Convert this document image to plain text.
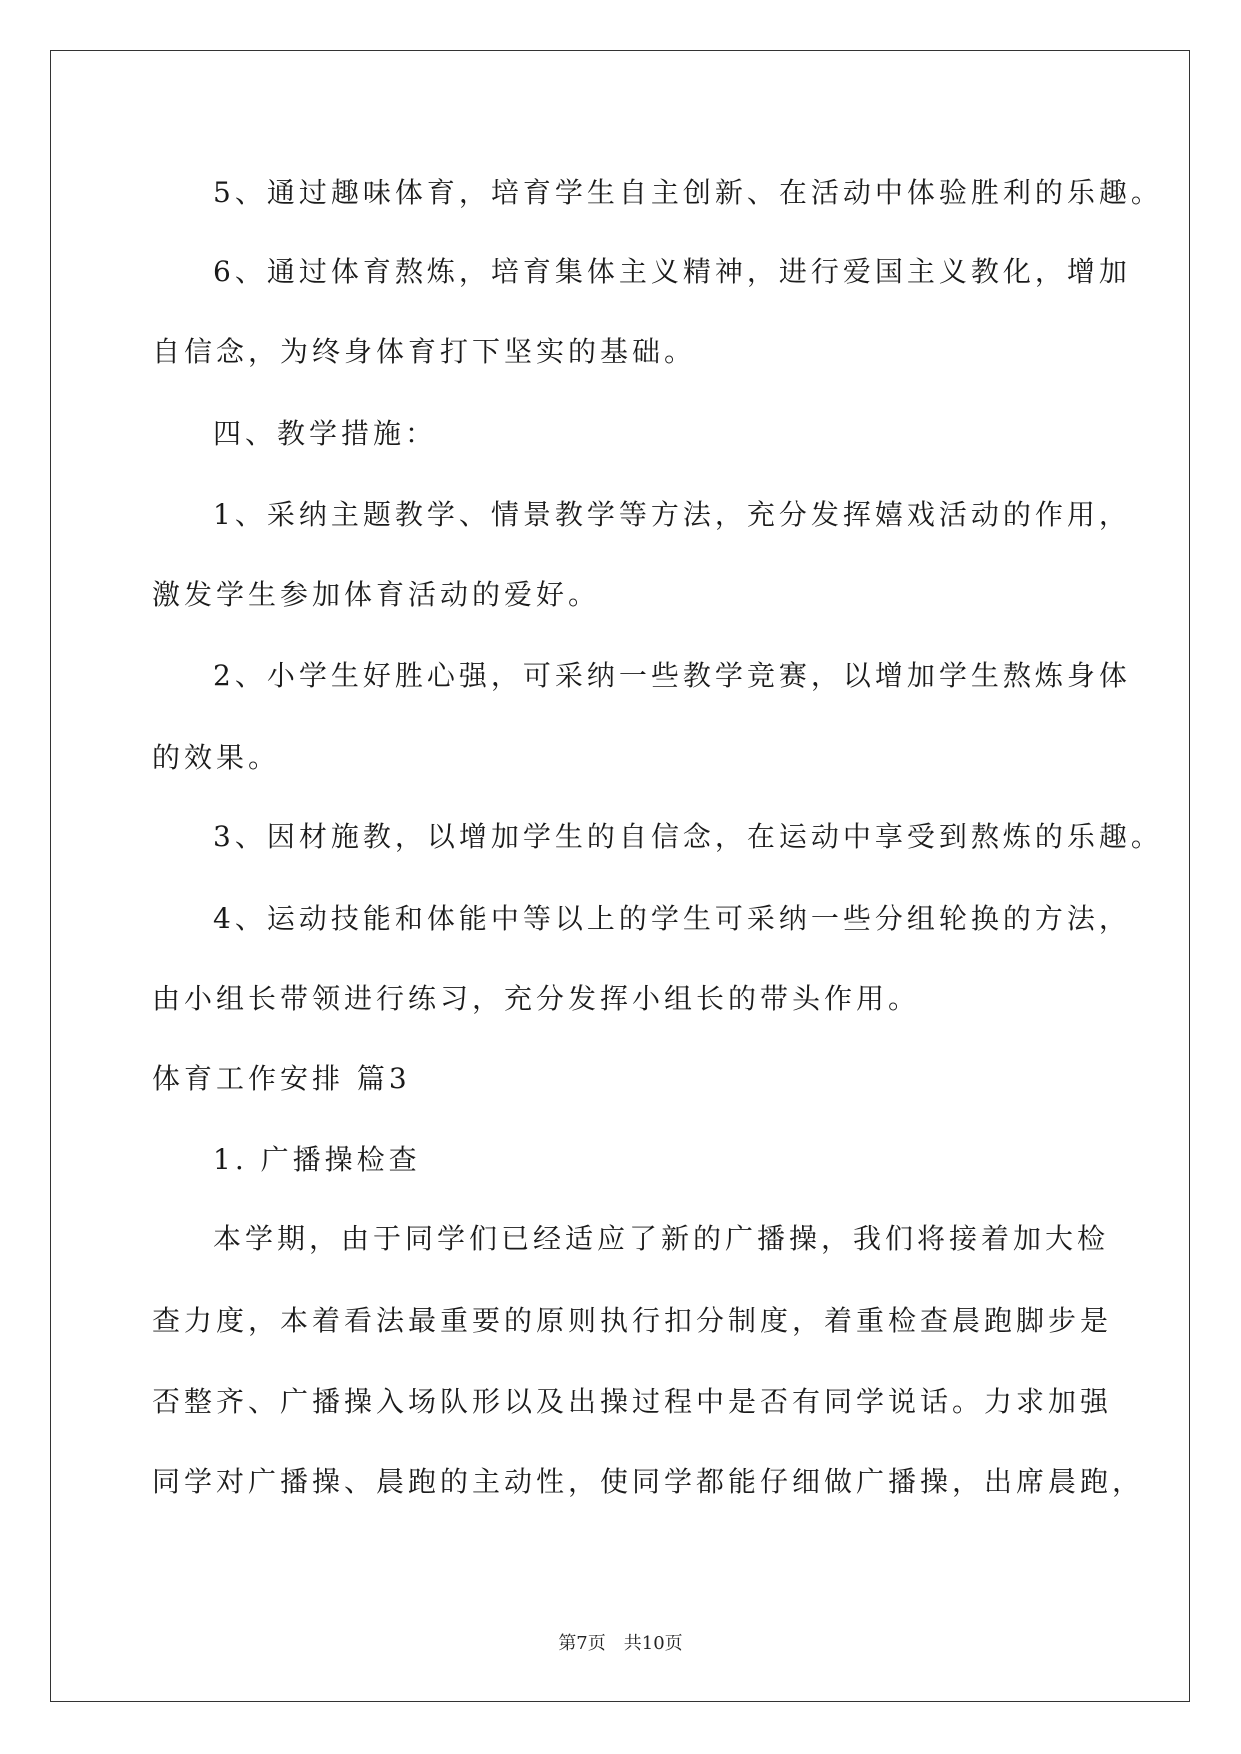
5、通过趣味体育，培育学生自主创新、在活动中体验胜利的乐趣。
6、通过体育熬炼，培育集体主义精神，进行爱国主义教化，增加
自信念，为终身体育打下坚实的基础。
四、教学措施：
1、采纳主题教学、情景教学等方法，充分发挥嬉戏活动的作用，
激发学生参加体育活动的爱好。
2、小学生好胜心强，可采纳一些教学竞赛，以增加学生熬炼身体
的效果。
3、因材施教，以增加学生的自信念，在运动中享受到熬炼的乐趣。
4、运动技能和体能中等以上的学生可采纳一些分组轮换的方法，
由小组长带领进行练习，充分发挥小组长的带头作用。
体育工作安排 篇3
1. 广播操检查
本学期，由于同学们已经适应了新的广播操，我们将接着加大检
查力度，本着看法最重要的原则执行扣分制度，着重检查晨跑脚步是
否整齐、广播操入场队形以及出操过程中是否有同学说话。力求加强
同学对广播操、晨跑的主动性，使同学都能仔细做广播操，出席晨跑，
第7页　共10页
